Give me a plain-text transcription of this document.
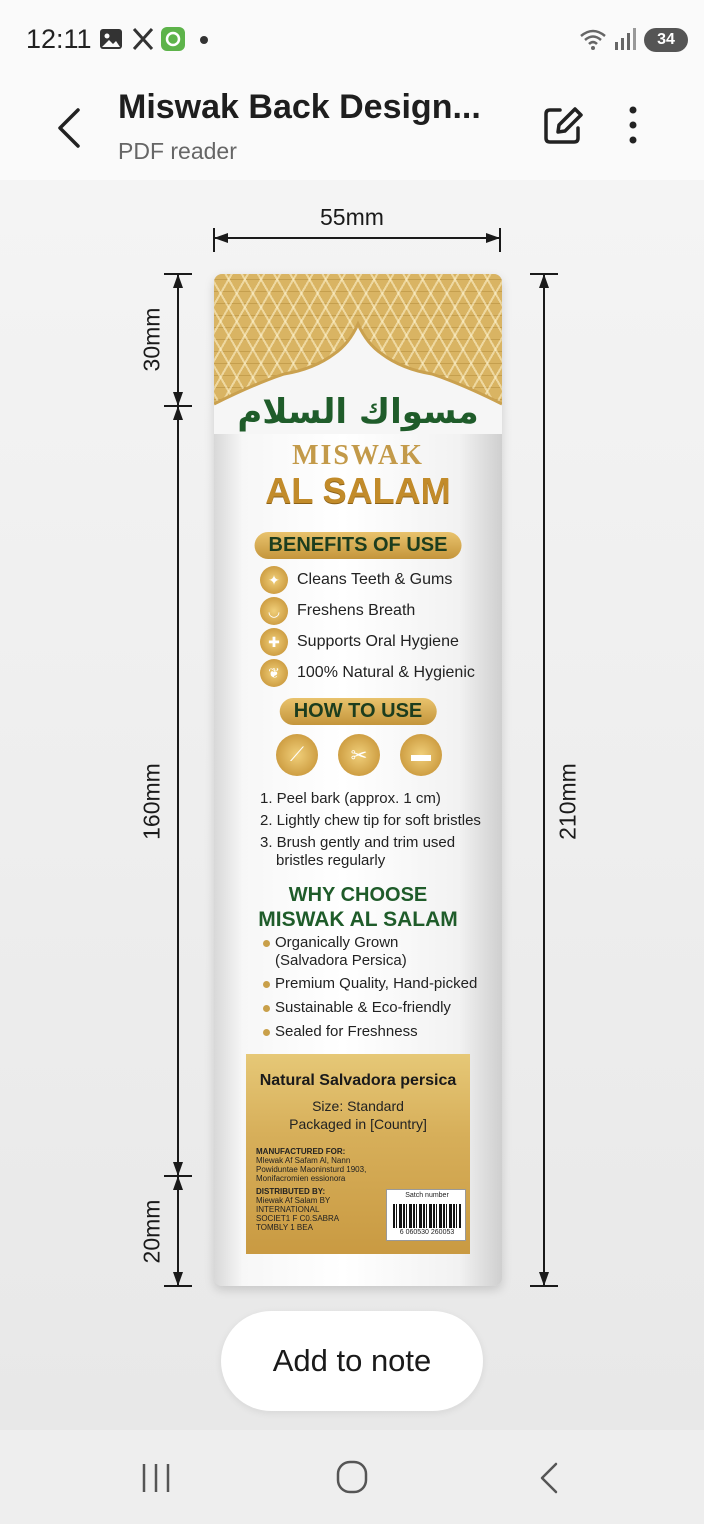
12:11	34
Miswak Back Design...
PDF reader
55mm
30mm
160mm
20mm
210mm
مسواك السلام
MISWAK
AL SALAM
BENEFITS OF USE
✦	Cleans Teeth & Gums
◡	Freshens Breath
✚	Supports Oral Hygiene
❦	100% Natural & Hygienic
HOW TO USE
⟋	✂	▬
1. Peel bark (approx. 1 cm)
2. Lightly chew tip for soft bristles
3. Brush gently and trim used
bristles regularly
WHY CHOOSE
MISWAK AL SALAM
Organically Grown
(Salvadora Persica)
Premium Quality, Hand-picked
Sustainable & Eco-friendly
Sealed for Freshness
Natural Salvadora persica
Size: Standard
Packaged in [Country]
MANUFACTURED FOR:
Mlewak Af Safam Al, Nann
Powiduntae Maoninsturd 1903,
Monifacromien essionora
DISTRIBUTED BY:
Miewak Af Salam BY
INTERNATIONAL
SOCIET1 F C0.SABRA
TOMBLY 1 BEA
Satch number
6 060530 260053
Add to note
